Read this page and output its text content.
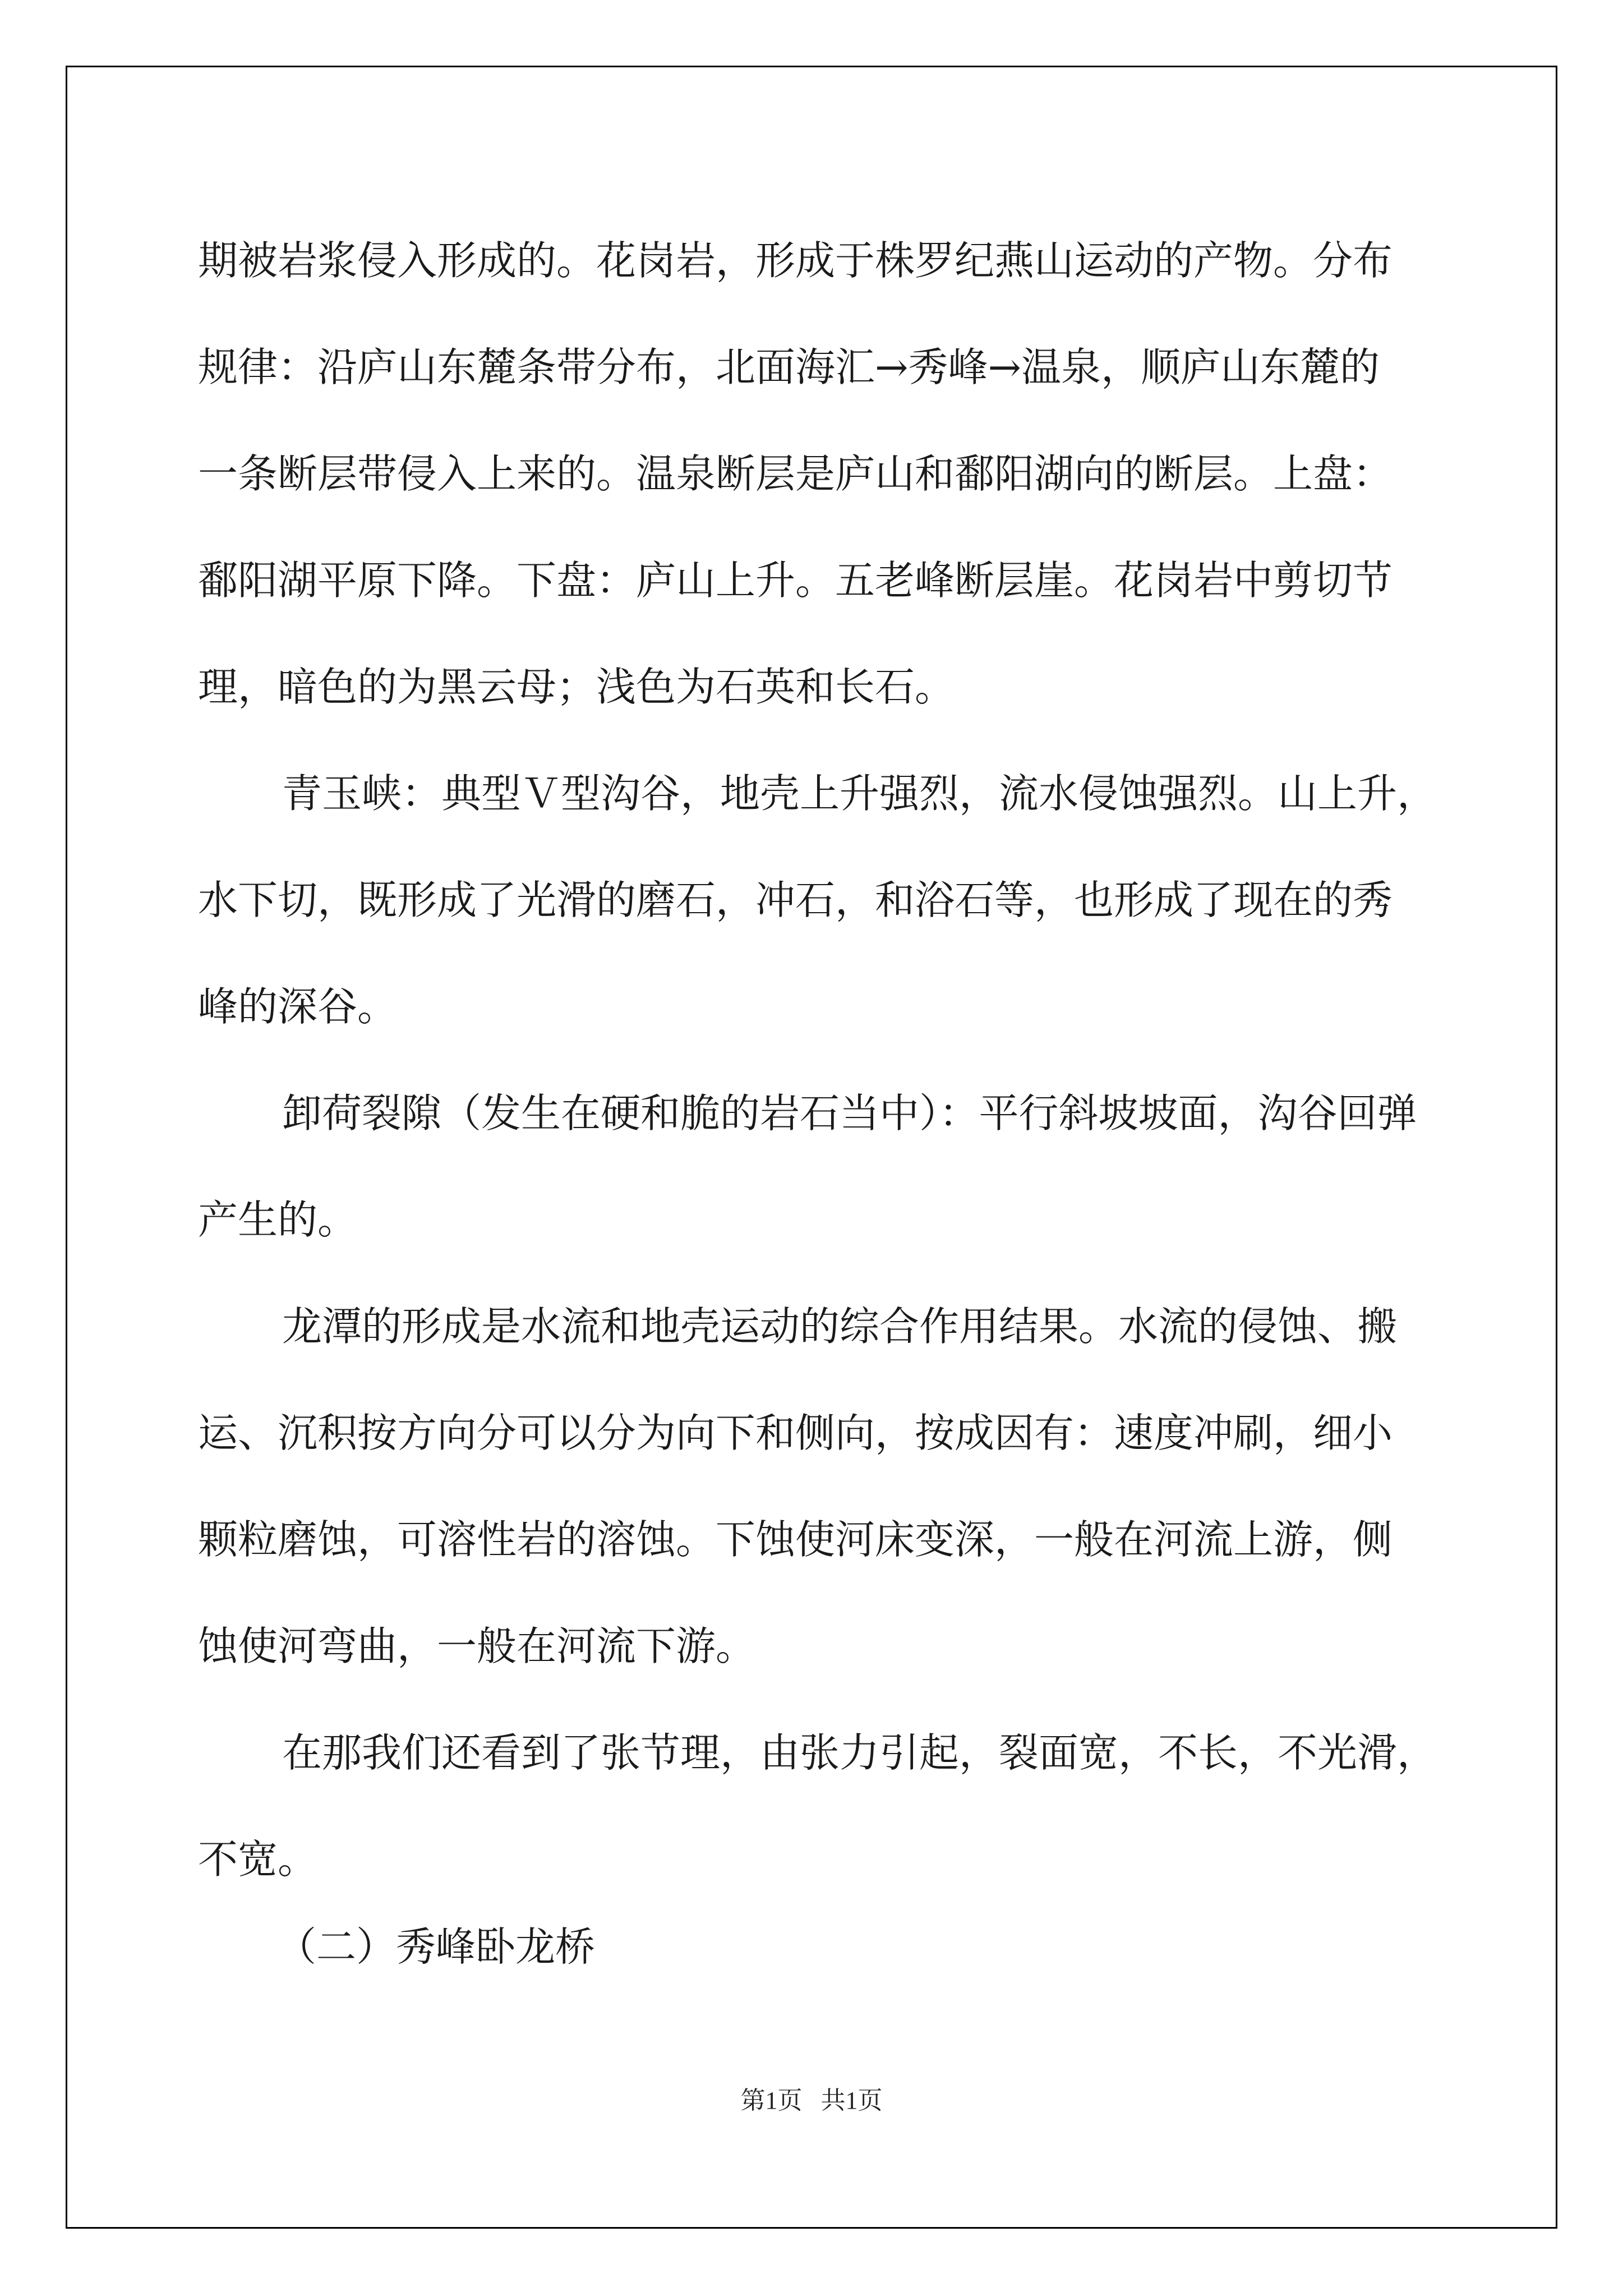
期被岩浆侵入形成的。花岗岩，形成于株罗纪燕山运动的产物。分布
规律：沿庐山东麓条带分布，北面海汇→秀峰→温泉，顺庐山东麓的
一条断层带侵入上来的。温泉断层是庐山和鄱阳湖向的断层。上盘：
鄱阳湖平原下降。下盘：庐山上升。五老峰断层崖。花岗岩中剪切节
理，暗色的为黑云母；浅色为石英和长石。
青玉峡：典型Ｖ型沟谷，地壳上升强烈，流水侵蚀强烈。山上升，
水下切，既形成了光滑的磨石，冲石，和浴石等，也形成了现在的秀
峰的深谷。
卸荷裂隙（发生在硬和脆的岩石当中）：平行斜坡坡面，沟谷回弹
产生的。
龙潭的形成是水流和地壳运动的综合作用结果。水流的侵蚀、搬
运、沉积按方向分可以分为向下和侧向，按成因有：速度冲刷，细小
颗粒磨蚀，可溶性岩的溶蚀。下蚀使河床变深，一般在河流上游，侧
蚀使河弯曲，一般在河流下游。
在那我们还看到了张节理，由张力引起，裂面宽，不长，不光滑，
不宽。
（二）秀峰卧龙桥
第1页 共1页
